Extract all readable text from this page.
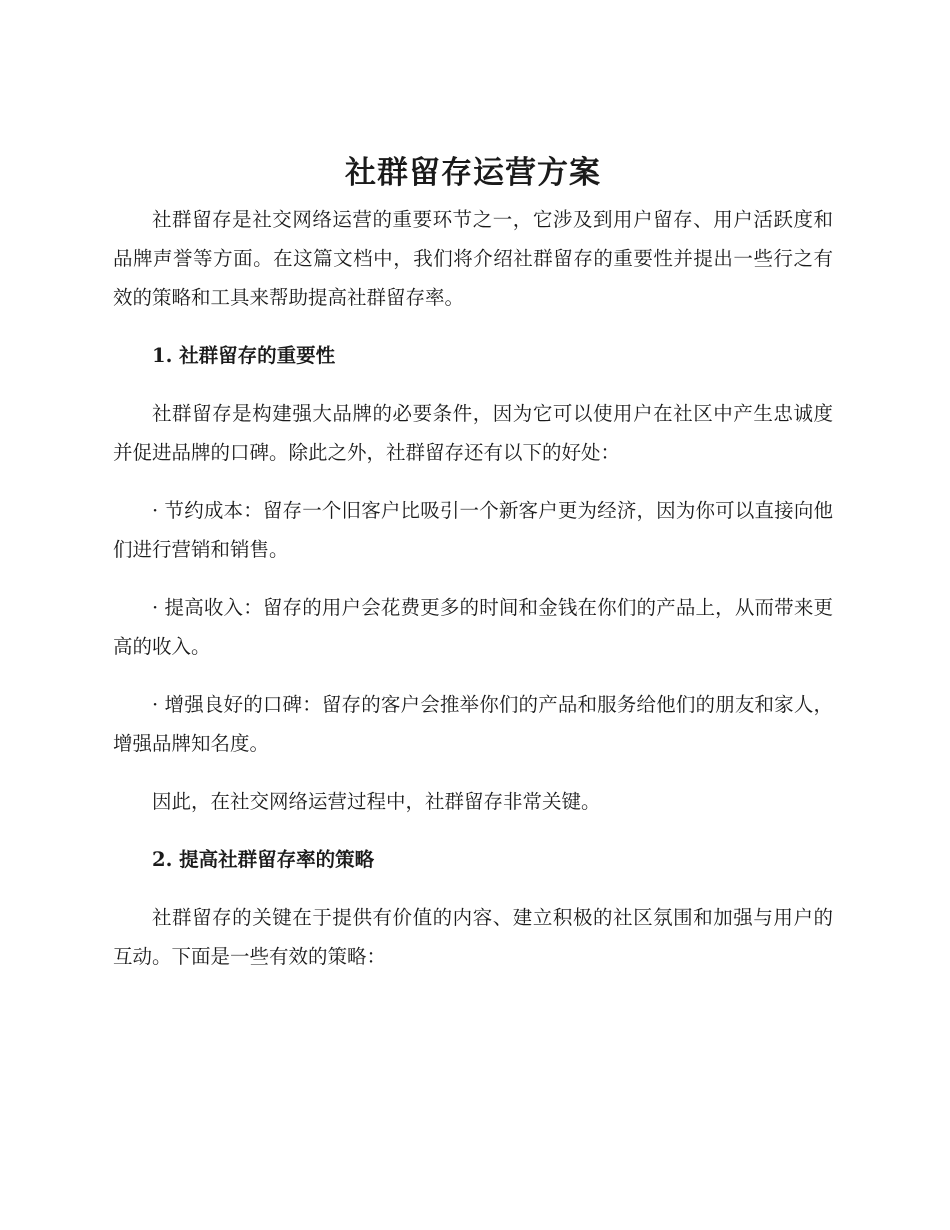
社群留存运营方案

社群留存是社交网络运营的重要环节之一，它涉及到用户留存、用户活跃度和品牌声誉等方面。在这篇文档中，我们将介绍社群留存的重要性并提出一些行之有效的策略和工具来帮助提高社群留存率。

1. 社群留存的重要性

社群留存是构建强大品牌的必要条件，因为它可以使用户在社区中产生忠诚度并促进品牌的口碑。除此之外，社群留存还有以下的好处：

· 节约成本：留存一个旧客户比吸引一个新客户更为经济，因为你可以直接向他们进行营销和销售。

· 提高收入：留存的用户会花费更多的时间和金钱在你们的产品上，从而带来更高的收入。

· 增强良好的口碑：留存的客户会推举你们的产品和服务给他们的朋友和家人，增强品牌知名度。

因此，在社交网络运营过程中，社群留存非常关键。

2. 提高社群留存率的策略

社群留存的关键在于提供有价值的内容、建立积极的社区氛围和加强与用户的互动。下面是一些有效的策略：
